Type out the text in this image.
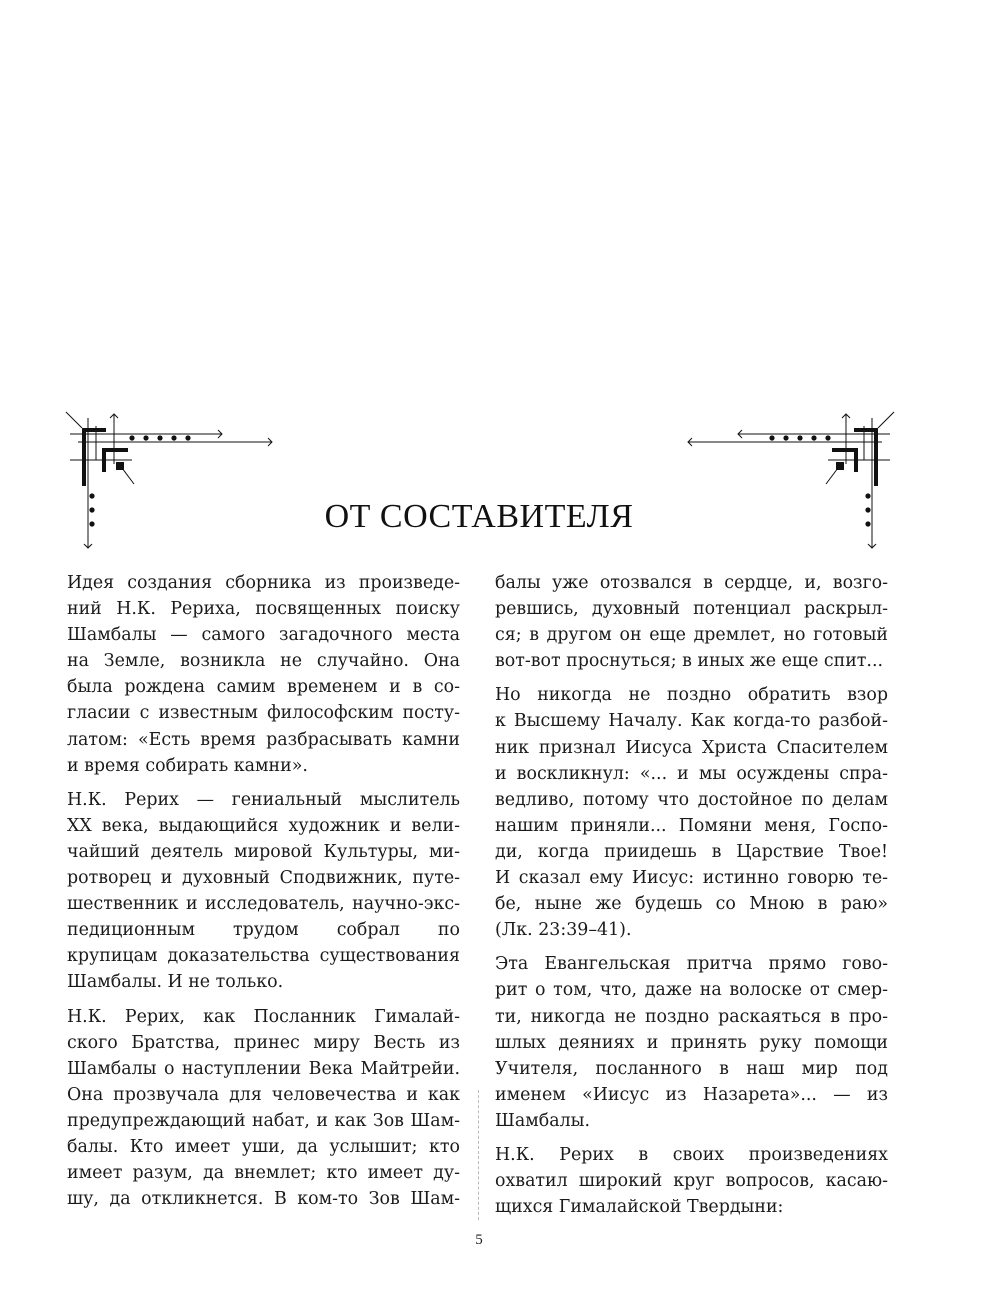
ОТ СОСТАВИТЕЛЯ
Идея создания сборника из произведе-
ний Н.К. Рериха, посвященных поиску
Шамбалы — самого загадочного места
на Земле, возникла не случайно. Она
была рождена самим временем и в со-
гласии с известным философским посту-
латом: «Есть время разбрасывать камни
и время собирать камни».
Н.К. Рерих — гениальный мыслитель
XX века, выдающийся художник и вели-
чайший деятель мировой Культуры, ми-
ротворец и духовный Сподвижник, путе-
шественник и исследователь, научно-экс-
педиционным трудом собрал по
крупицам доказательства существования
Шамбалы. И не только.
Н.К. Рерих, как Посланник Гималай-
ского Братства, принес миру Весть из
Шамбалы о наступлении Века Майтрейи.
Она прозвучала для человечества и как
предупреждающий набат, и как Зов Шам-
балы. Кто имеет уши, да услышит; кто
имеет разум, да внемлет; кто имеет ду-
шу, да откликнется. В ком-то Зов Шам-
балы уже отозвался в сердце, и, возго-
ревшись, духовный потенциал раскрыл-
ся; в другом он еще дремлет, но готовый
вот-вот проснуться; в иных же еще спит...
Но никогда не поздно обратить взор
к Высшему Началу. Как когда-то разбой-
ник признал Иисуса Христа Спасителем
и воскликнул: «... и мы осуждены спра-
ведливо, потому что достойное по делам
нашим приняли... Помяни меня, Госпо-
ди, когда приидешь в Царствие Твое!
И сказал ему Иисус: истинно говорю те-
бе, ныне же будешь со Мною в раю»
(Лк. 23:39–41).
Эта Евангельская притча прямо гово-
рит о том, что, даже на волоске от смер-
ти, никогда не поздно раскаяться в про-
шлых деяниях и принять руку помощи
Учителя, посланного в наш мир под
именем «Иисус из Назарета»... — из
Шамбалы.
Н.К. Рерих в своих произведениях
охватил широкий круг вопросов, касаю-
щихся Гималайской Твердыни:
5
